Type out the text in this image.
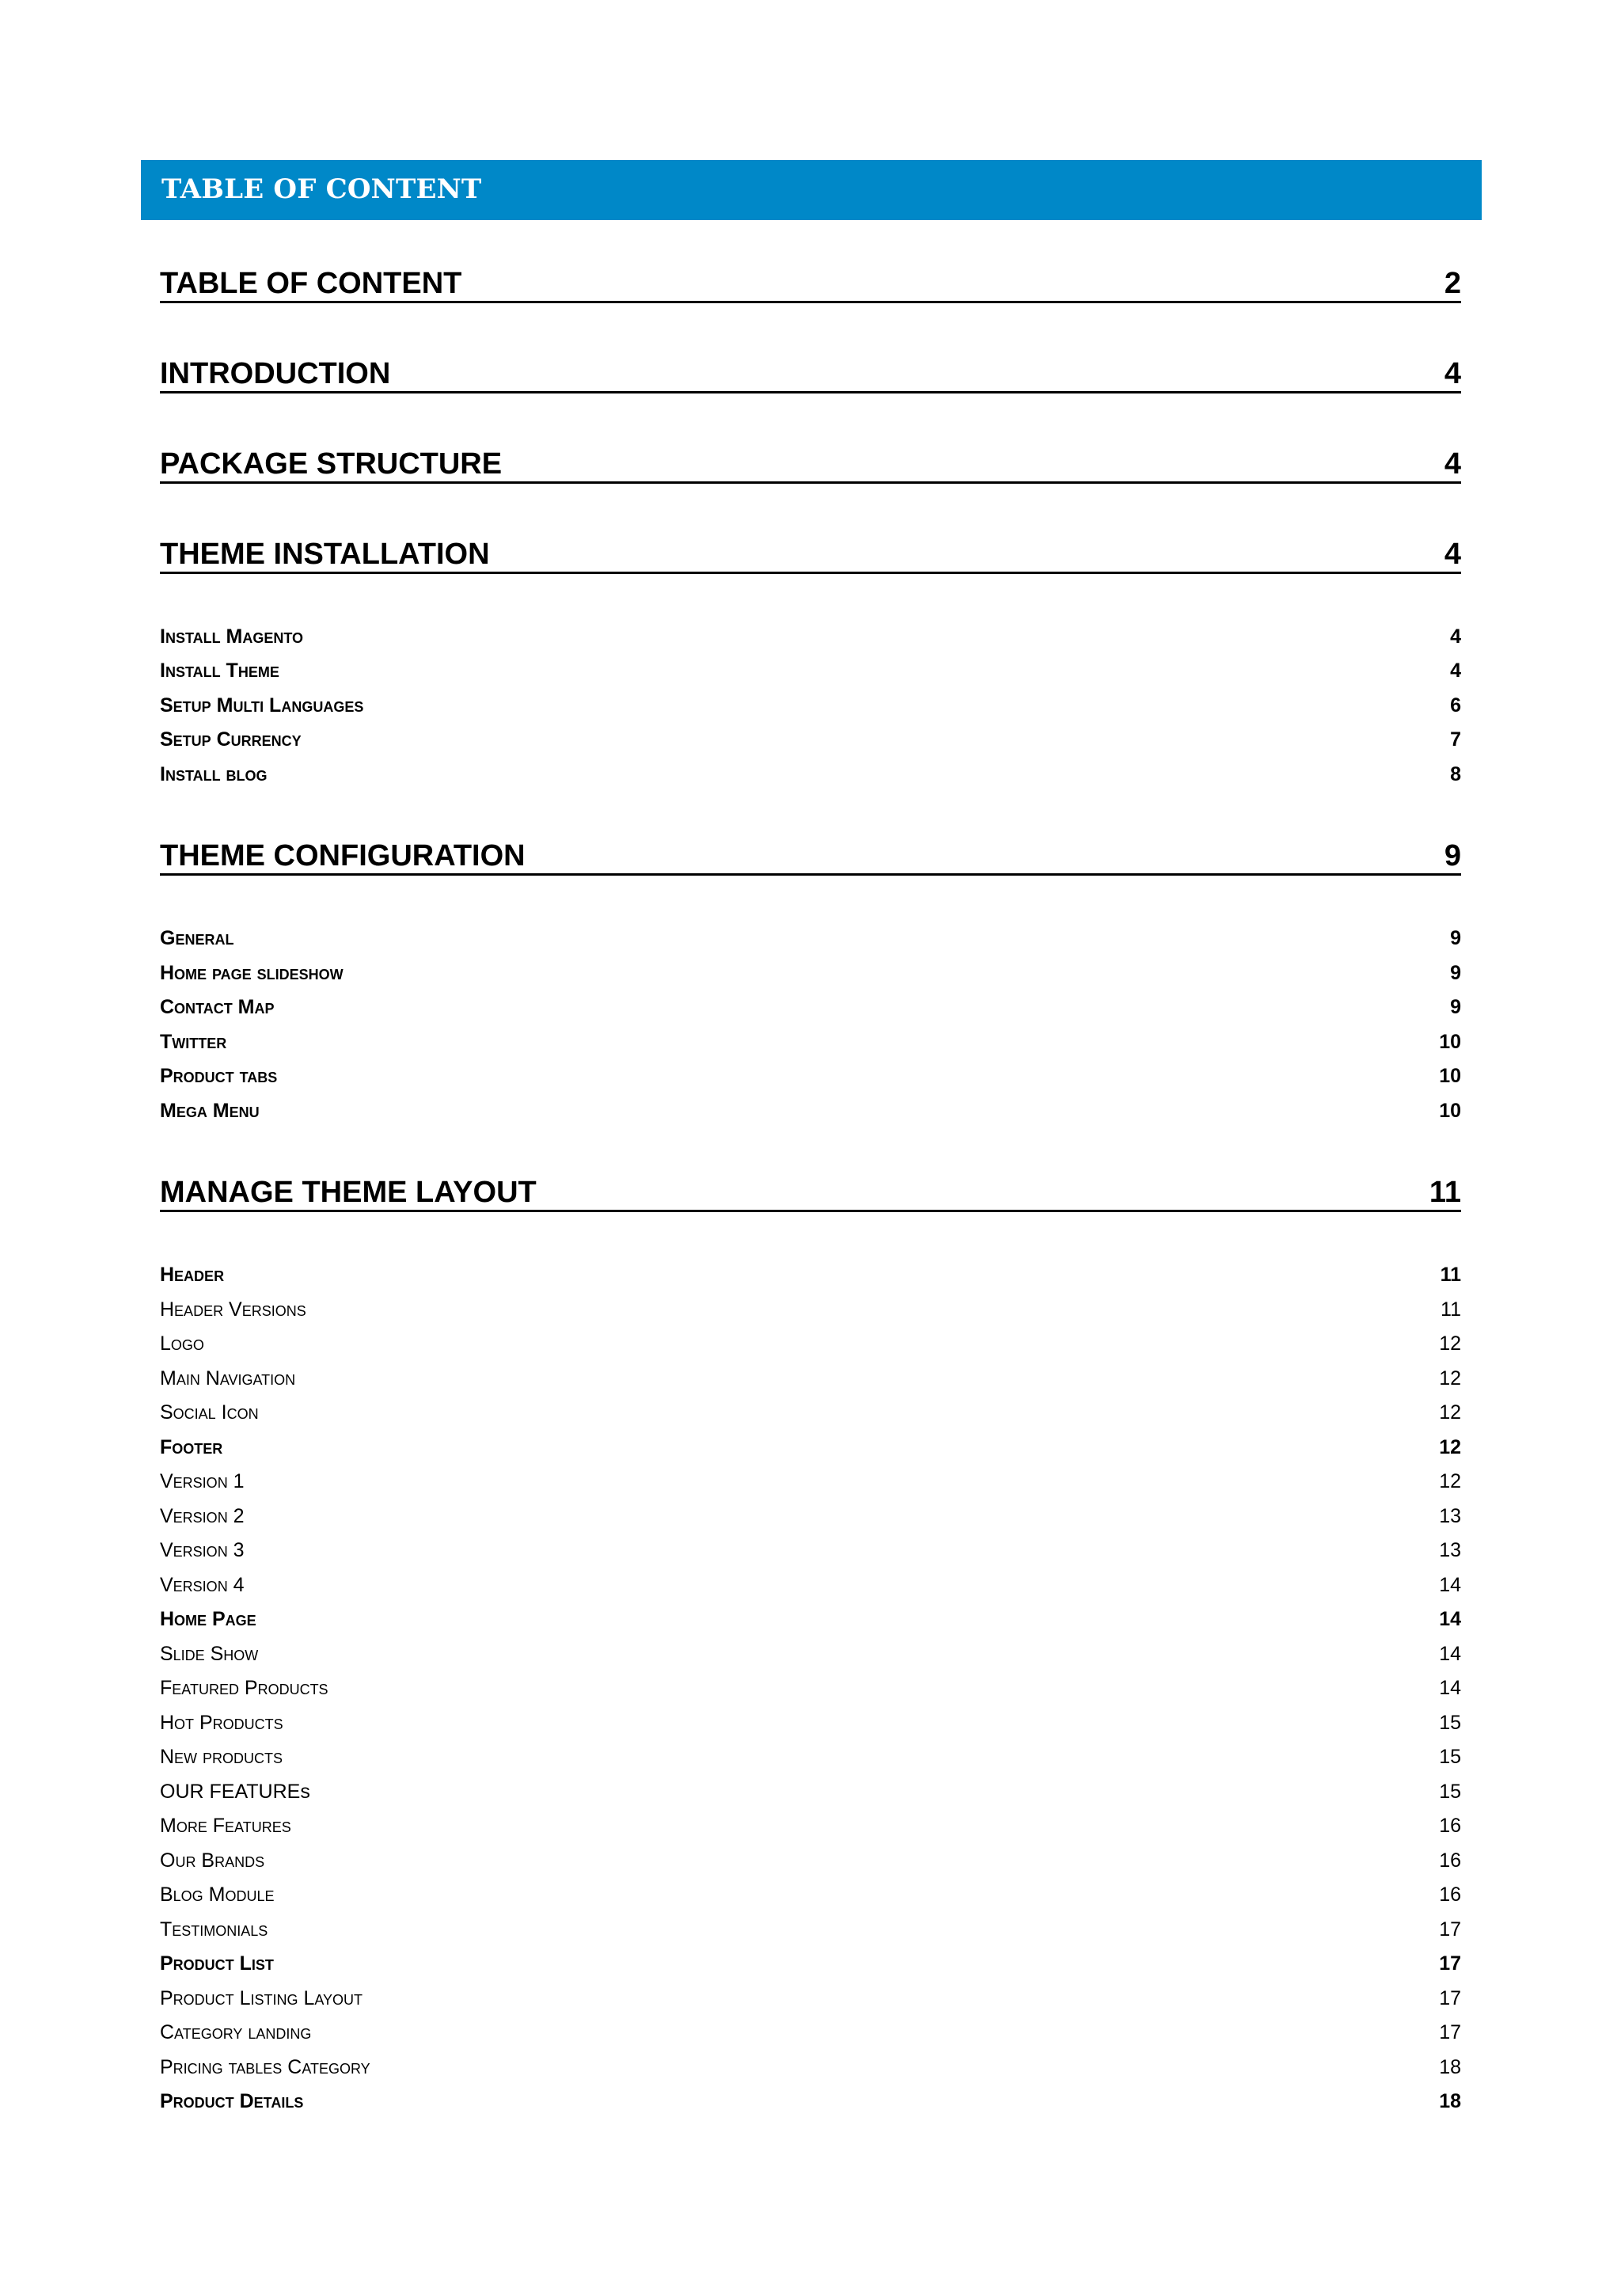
TABLE OF CONTENT
TABLE OF CONTENT	2
INTRODUCTION	4
PACKAGE STRUCTURE	4
THEME INSTALLATION	4
Install Magento	4
Install Theme	4
Setup Multi Languages	6
Setup Currency	7
Install blog	8
THEME CONFIGURATION	9
General	9
Home page slideshow	9
Contact Map	9
Twitter	10
Product tabs	10
Mega Menu	10
MANAGE THEME LAYOUT	11
Header	11
Header Versions	11
Logo	12
Main Navigation	12
Social Icon	12
Footer	12
Version 1	12
Version 2	13
Version 3	13
Version 4	14
Home Page	14
Slide Show	14
Featured Products	14
Hot Products	15
New products	15
OUR FEATUREs	15
More Features	16
Our Brands	16
Blog Module	16
Testimonials	17
Product List	17
Product Listing Layout	17
Category landing	17
Pricing tables Category	18
Product Details	18
